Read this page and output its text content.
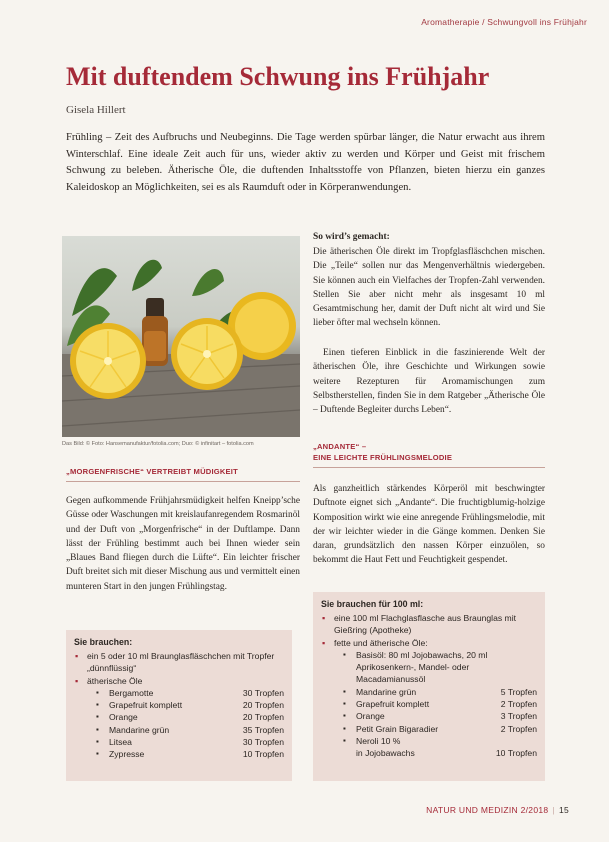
Aromatherapie / Schwungvoll ins Frühjahr
Mit duftendem Schwung ins Frühjahr
Gisela Hillert

Frühling – Zeit des Aufbruchs und Neubeginns. Die Tage werden spürbar länger, die Natur erwacht aus ihrem Winterschlaf. Eine ideale Zeit auch für uns, wieder aktiv zu werden und Körper und Geist mit frischem Schwung zu beleben. Ätherische Öle, die duftenden Inhaltsstoffe von Pflanzen, bieten hierzu ein ganzes Kaleidoskop an Möglichkeiten, sei es als Raumduft oder in Körperanwendungen.

Das Bild: © Foto: Hansemanufaktur/fotolia.com; Duo: © infinitart – fotolia.com
„MORGENFRISCHE“ VERTREIBT MÜDIGKEIT

Gegen aufkommende Frühjahrsmüdigkeit helfen Kneipp’sche Güsse oder Waschungen mit kreislaufanregendem Rosmarinöl und der Duft von „Morgenfrische“ in der Duftlampe. Dann lässt der Frühling bestimmt auch bei Ihnen wieder sein „Blaues Band fliegen durch die Lüfte“. Ein leichter frischer Duft breitet sich mit dieser Mischung aus und vermittelt einen munteren Start in den jungen Frühlingstag.

Sie brauchen:
▪ ein 5 oder 10 ml Braunglasfläschchen mit Tropfer „dünnflüssig“
▪ ätherische Öle
▪ Bergamotte	30 Tropfen
▪ Grapefruit komplett	20 Tropfen
▪ Orange	20 Tropfen
▪ Mandarine grün	35 Tropfen
▪ Litsea	30 Tropfen
▪ Zypresse	10 Tropfen
So wird’s gemacht:

Die ätherischen Öle direkt im Tropfglasfläschchen mischen. Die „Teile“ sollen nur das Mengenverhältnis wiedergeben. Sie können auch ein Vielfaches der Tropfen-Zahl verwenden. Stellen Sie aber nicht mehr als insgesamt 10 ml Gesamtmischung her, damit der Duft nicht alt wird und Sie lieber öfter mal wechseln können.

Einen tieferen Einblick in die faszinierende Welt der ätherischen Öle, ihre Geschichte und Wirkungen sowie weitere Rezepturen für Aromamischungen zum Selbstherstellen, finden Sie in dem Ratgeber „Ätherische Öle – Duftende Begleiter durchs Leben“.

„ANDANTE“ –
EINE LEICHTE FRÜHLINGSMELODIE

Als ganzheitlich stärkendes Körperöl mit beschwingter Duftnote eignet sich „Andante“. Die fruchtigblumig-holzige Komposition wirkt wie eine anregende Frühlingsmelodie, mit der wir leichter wieder in die Gänge kommen. Denken Sie daran, grundsätzlich den nassen Körper einzuölen, so bekommt die Haut Fett und Feuchtigkeit gespendet.

Sie brauchen für 100 ml:
▪ eine 100 ml Flachglasflasche aus Braunglas mit Gießring (Apotheke)
▪ fette und ätherische Öle:
▪ Basisöl: 80 ml Jojobawachs, 20 ml Aprikosenkern-, Mandel- oder Macadamianussöl
▪ Mandarine grün	5 Tropfen
▪ Grapefruit komplett	2 Tropfen
▪ Orange	3 Tropfen
▪ Petit Grain Bigaradier	2 Tropfen
▪ Neroli 10 %
in Jojobawachs	10 Tropfen
NATUR UND MEDIZIN 2/2018 | 15
